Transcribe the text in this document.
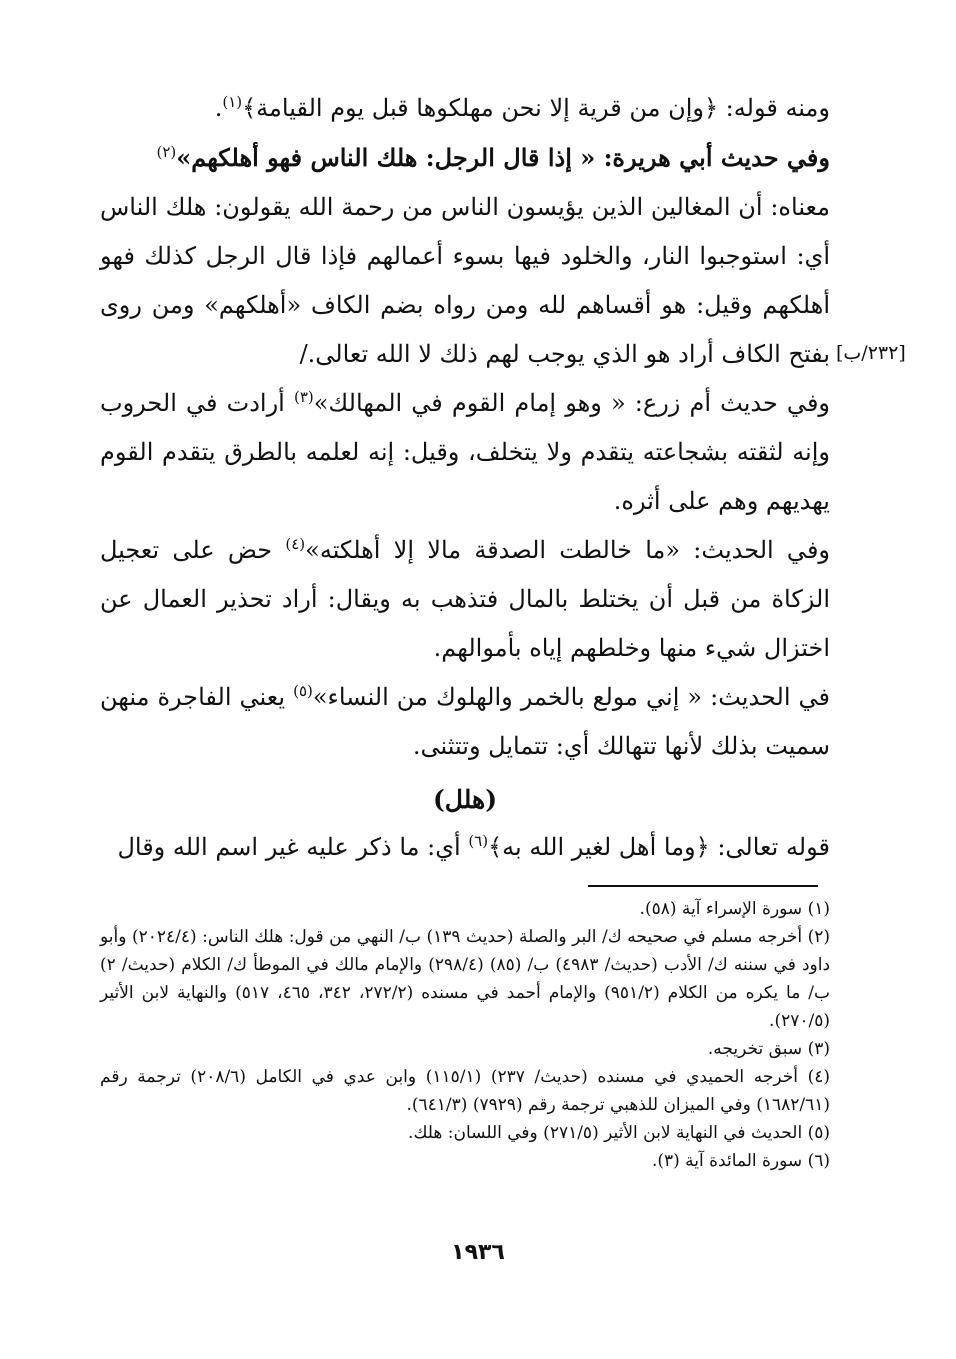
[٢٣٢/ب]

ومنه قوله: ﴿وإن من قرية إلا نحن مهلكوها قبل يوم القيامة﴾$^{(١)}$.

وفي حديث أبي هريرة: « إذا قال الرجل: هلك الناس فهو أهلكهم»$^{(٢)}$

معناه: أن المغالين الذين يؤيسون الناس من رحمة الله يقولون: هلك الناس أي: استوجبوا النار، والخلود فيها بسوء أعمالهم فإذا قال الرجل كذلك فهو أهلكهم وقيل: هو أقساهم لله ومن رواه بضم الكاف «أهلكهم» ومن روى بفتح الكاف أراد هو الذي يوجب لهم ذلك لا الله تعالى./

وفي حديث أم زرع: « وهو إمام القوم في المهالك»$^{(٣)}$ أرادت في الحروب وإنه لثقته بشجاعته يتقدم ولا يتخلف، وقيل: إنه لعلمه بالطرق يتقدم القوم يهديهم وهم على أثره.

وفي الحديث: «ما خالطت الصدقة مالا إلا أهلكته»$^{(٤)}$ حض على تعجيل الزكاة من قبل أن يختلط بالمال فتذهب به ويقال: أراد تحذير العمال عن اختزال شيء منها وخلطهم إياه بأموالهم.

في الحديث: « إني مولع بالخمر والهلوك من النساء»$^{(٥)}$ يعني الفاجرة منهن سميت بذلك لأنها تتهالك أي: تتمايل وتتثنى.

(هلل)

قوله تعالى: ﴿وما أهل لغير الله به﴾$^{(٦)}$ أي: ما ذكر عليه غير اسم الله وقال

(١) سورة الإسراء آية (٥٨).

(٢) أخرجه مسلم في صحيحه ك/ البر والصلة (حديث ١٣٩) ب/ النهي من قول: هلك الناس: (٢٠٢٤/٤) وأبو داود في سننه ك/ الأدب (حديث/ ٤٩٨٣) ب/ (٨٥) (٢٩٨/٤) والإمام مالك في الموطأ ك/ الكلام (حديث/ ٢) ب/ ما يكره من الكلام (٩٥١/٢) والإمام أحمد في مسنده (٢٧٢/٢، ٣٤٢، ٤٦٥، ٥١٧) والنهاية لابن الأثير (٢٧٠/٥).

(٣) سبق تخريجه.

(٤) أخرجه الحميدي في مسنده (حديث/ ٢٣٧) (١١٥/١) وابن عدي في الكامل (٢٠٨/٦) ترجمة رقم (١٦٨٢/٦١) وفي الميزان للذهبي ترجمة رقم (٧٩٢٩) (٦٤١/٣).

(٥) الحديث في النهاية لابن الأثير (٢٧١/٥) وفي اللسان: هلك.

(٦) سورة المائدة آية (٣).

١٩٣٦
